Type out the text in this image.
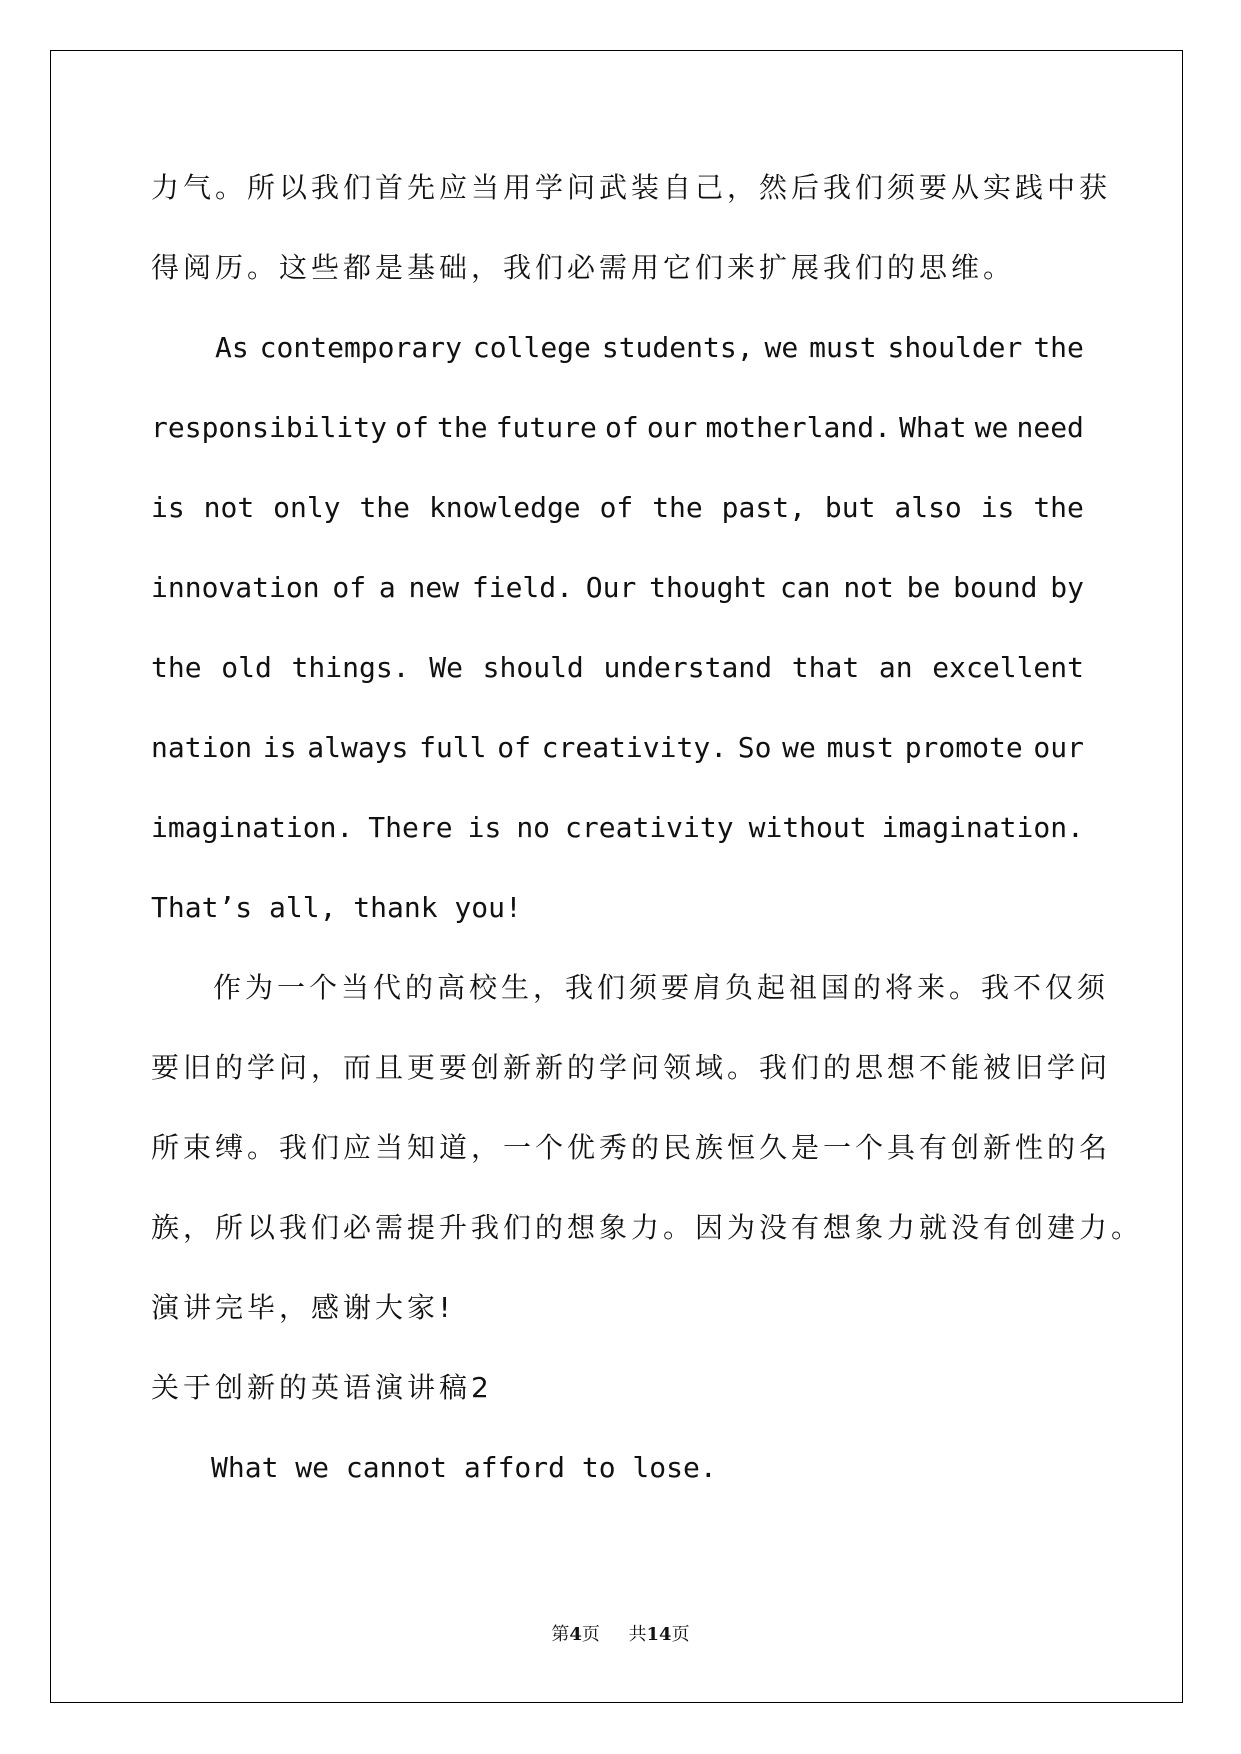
力气。所以我们首先应当用学问武装自己，然后我们须要从实践中获
得阅历。这些都是基础，我们必需用它们来扩展我们的思维。
As contemporary college students, we must shoulder the
responsibility of the future of our motherland. What we need
is not only the knowledge of the past, but also is the
innovation of a new field. Our thought can not be bound by
the old things. We should understand that an excellent
nation is always full of creativity. So we must promote our
imagination. There is no creativity without imagination.
That’s all, thank you!
作为一个当代的高校生，我们须要肩负起祖国的将来。我不仅须
要旧的学问，而且更要创新新的学问领域。我们的思想不能被旧学问
所束缚。我们应当知道，一个优秀的民族恒久是一个具有创新性的名
族，所以我们必需提升我们的想象力。因为没有想象力就没有创建力。
演讲完毕，感谢大家!
关于创新的英语演讲稿2
What we cannot afford to lose.
第4页 共14页
